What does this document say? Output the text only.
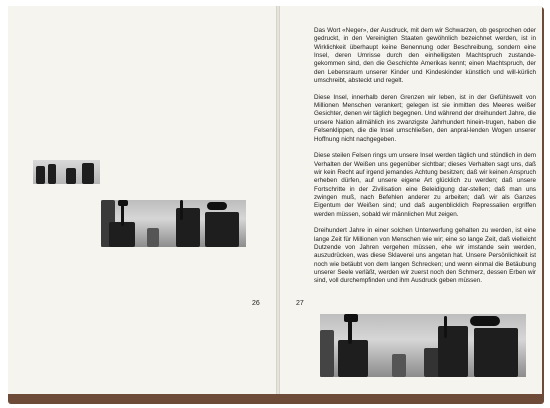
26

Das Wort «Neger», der Ausdruck, mit dem wir Schwarzen, ob gesprochen oder gedruckt, in den Vereinigten Staaten gewöhnlich bezeichnet werden, ist in Wirklichkeit überhaupt keine Benennung oder Beschreibung, sondern eine Insel, deren Umrisse durch den einhelligsten Machtspruch zustande-gekommen sind, den die Geschichte Amerikas kennt; einen Machtspruch, der den Lebensraum unserer Kinder und Kindeskinder künstlich und will-kürlich umschreibt, absteckt und regelt.

Diese Insel, innerhalb deren Grenzen wir leben, ist in der Gefühlswelt von Millionen Menschen verankert; gelegen ist sie inmitten des Meeres weißer Gesichter, denen wir täglich begegnen. Und während der dreihundert Jahre, die unsere Nation allmählich ins zwanzigste Jahrhundert hinein-trugen, haben die Felsenklippen, die die Insel umschließen, den anpral-lenden Wogen unserer Hoffnung nicht nachgegeben.

Diese steilen Felsen rings um unsere Insel werden täglich und stündlich in dem Verhalten der Weißen uns gegenüber sichtbar; dieses Verhalten sagt uns, daß wir kein Recht auf irgend jemandes Achtung besitzen; daß wir keinen Anspruch erheben dürfen, auf unsere eigene Art glücklich zu werden; daß unsere Fortschritte in der Zivilisation eine Beleidigung dar-stellen; daß man uns zwingen muß, nach Befehlen anderer zu arbeiten; daß wir als Ganzes Eigentum der Weißen sind; und daß augenblicklich Repressalien ergriffen werden müssen, sobald wir männlichen Mut zeigen.

Dreihundert Jahre in einer solchen Unterwerfung gehalten zu werden, ist eine lange Zeit für Millionen von Menschen wie wir; eine so lange Zeit, daß vielleicht Dutzende von Jahren vergehen müssen, ehe wir imstande sein werden, auszudrücken, was diese Sklaverei uns angetan hat. Unsere Persönlichkeit ist noch wie betäubt von dem langen Schrecken; und wenn einmal die Betäubung unserer Seele verläßt, werden wir zuerst noch den Schmerz, dessen Erben wir sind, voll durchempfinden und ihm Ausdruck geben müssen.

27
